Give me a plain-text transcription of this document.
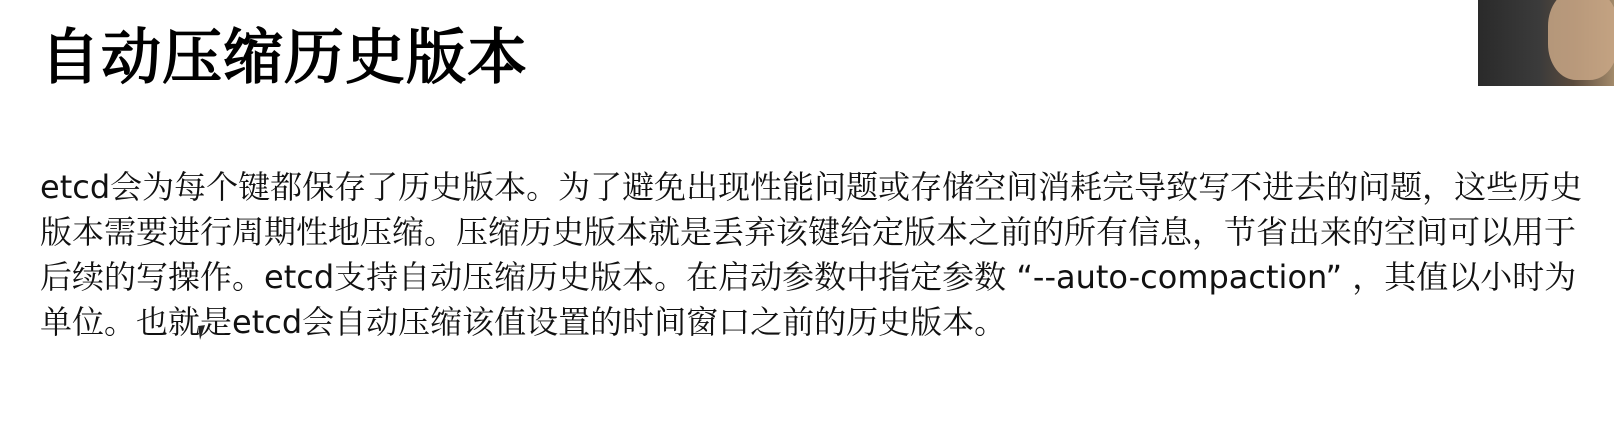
自动压缩历史版本

etcd会为每个键都保存了历史版本。为了避免出现性能问题或存储空间消耗完导致写不进去的问题，这些历史版本需要进行周期性地压缩。压缩历史版本就是丢弃该键给定版本之前的所有信息，节省出来的空间可以用于后续的写操作。etcd支持自动压缩历史版本。在启动参数中指定参数 “--auto-compaction” ，其值以小时为单位。也就是etcd会自动压缩该值设置的时间窗口之前的历史版本。
